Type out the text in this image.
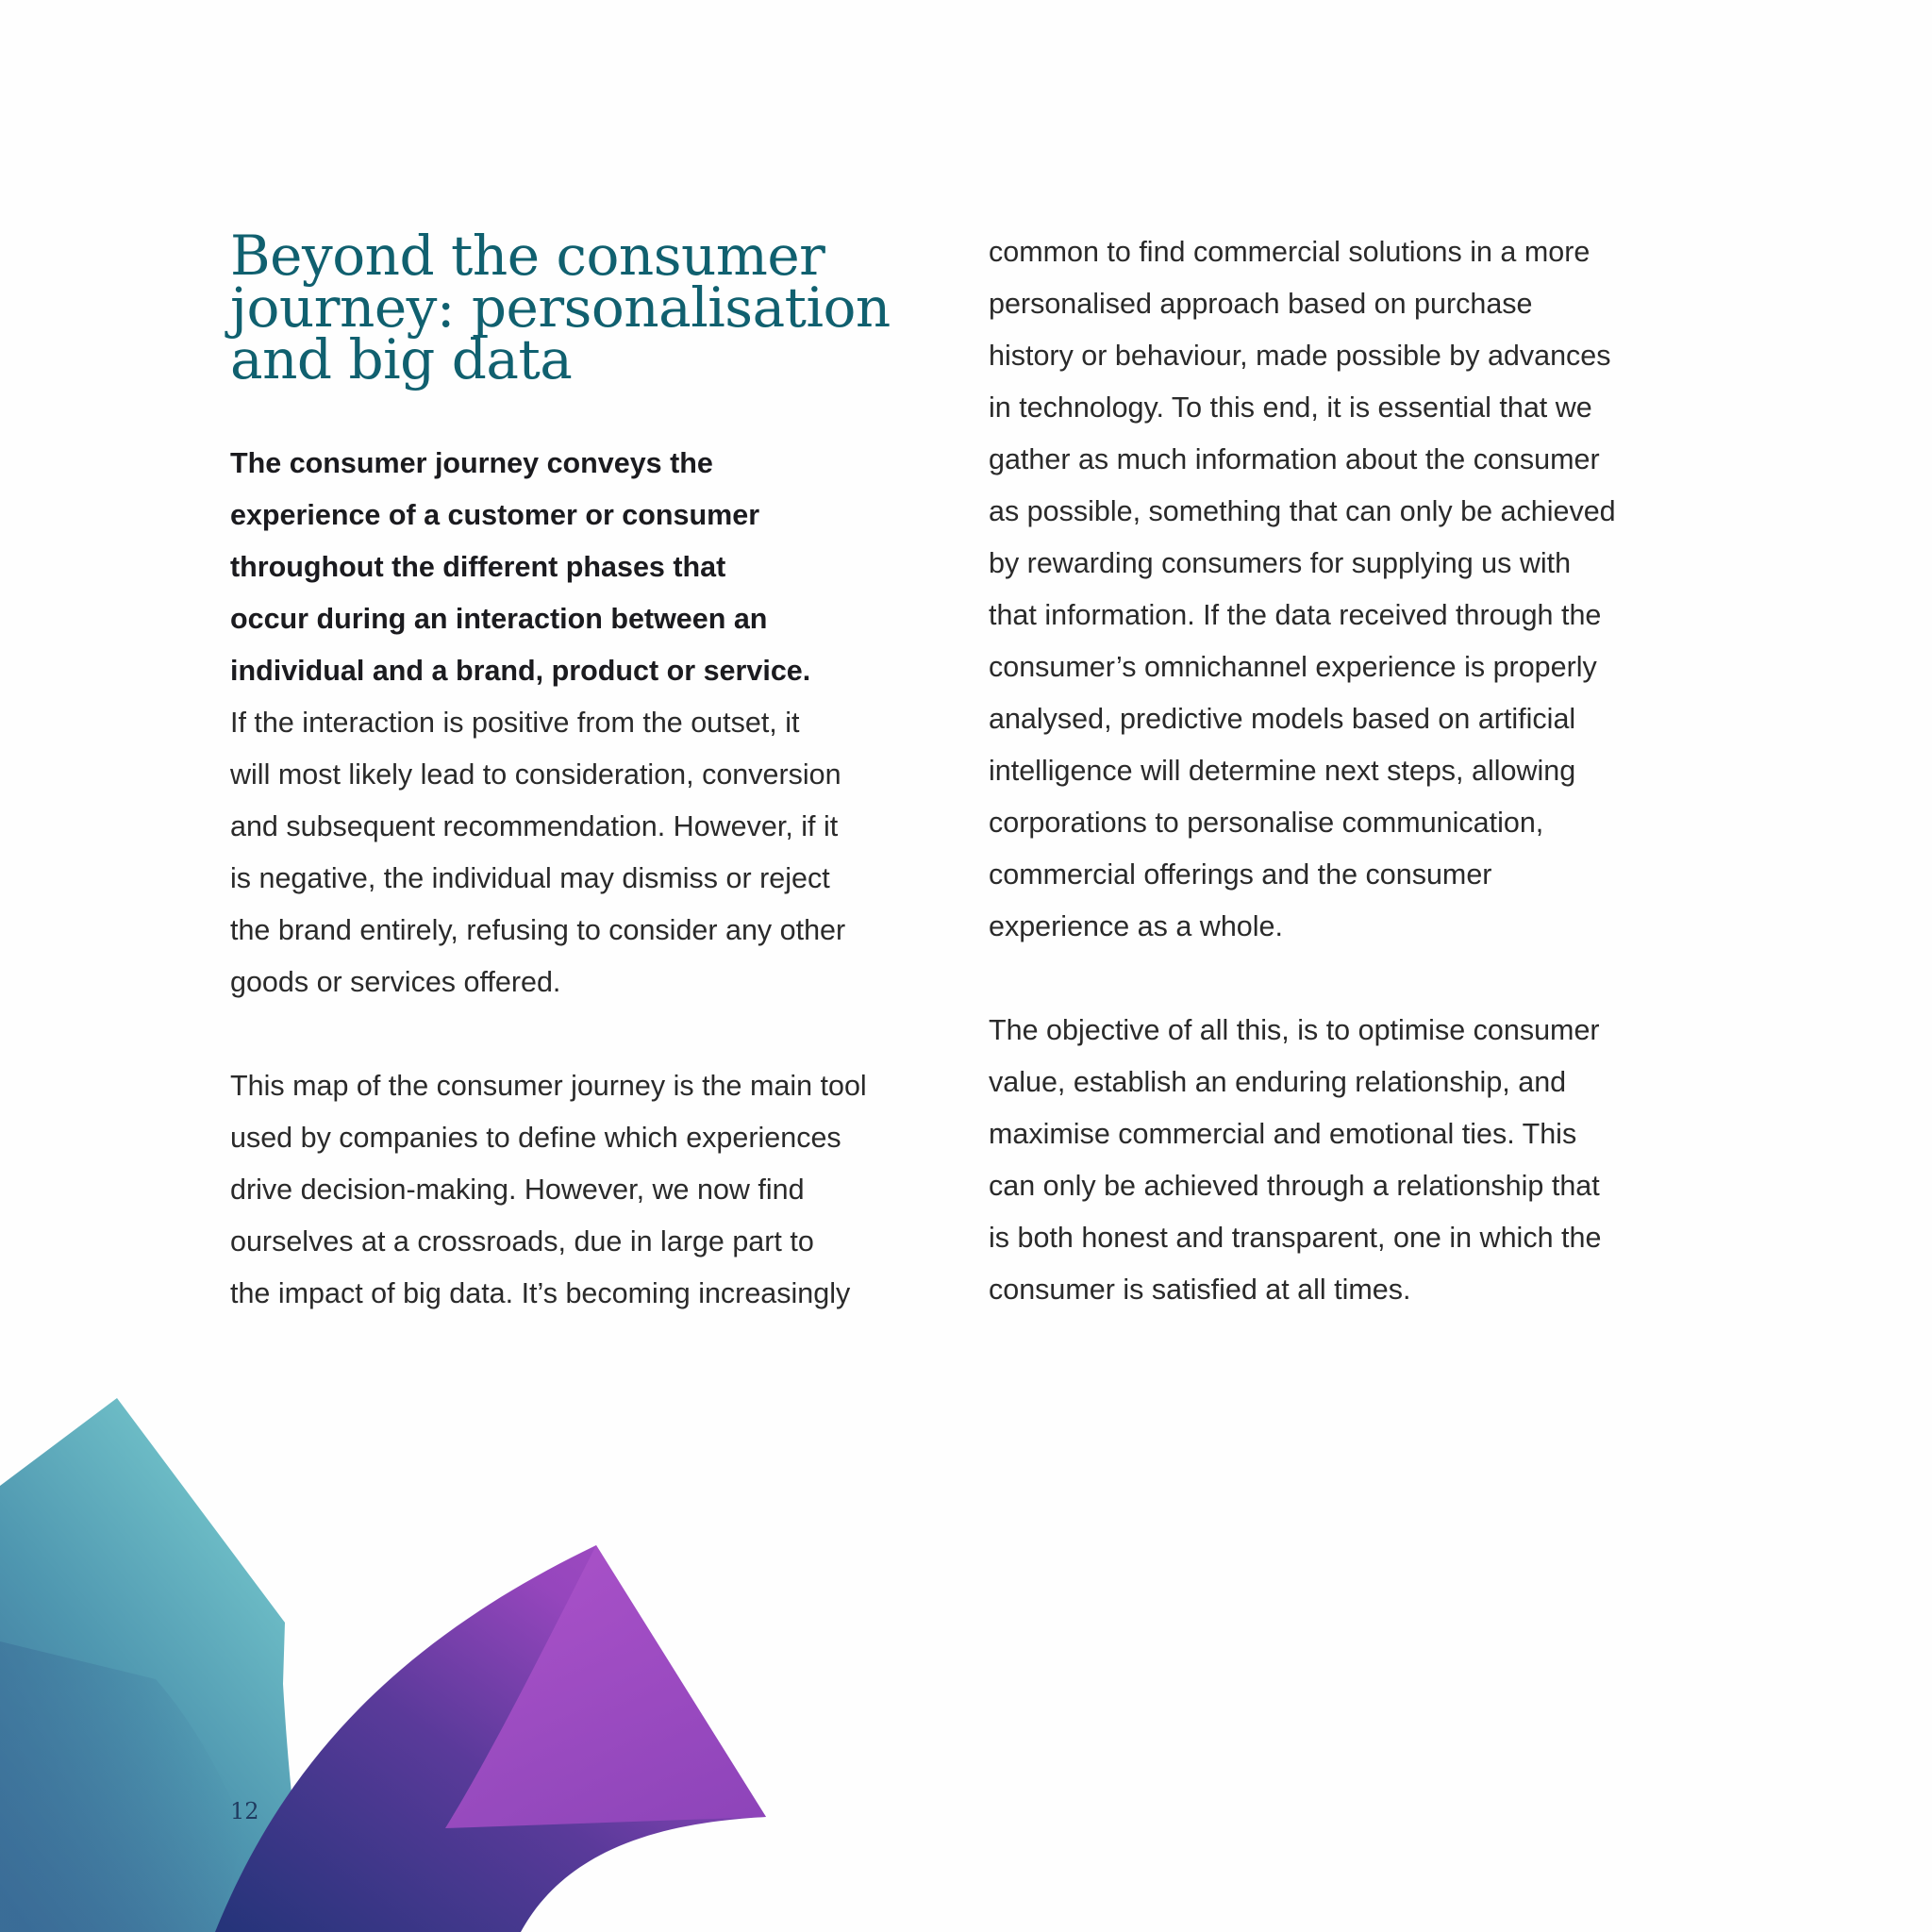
Beyond the consumer
journey: personalisation
and big data
The consumer journey conveys the
experience of a customer or consumer
throughout the different phases that
occur during an interaction between an
individual and a brand, product or service.
If the interaction is positive from the outset, it
will most likely lead to consideration, conversion
and subsequent recommendation. However, if it
is negative, the individual may dismiss or reject
the brand entirely, refusing to consider any other
goods or services offered.
This map of the consumer journey is the main tool
used by companies to define which experiences
drive decision-making. However, we now find
ourselves at a crossroads, due in large part to
the impact of big data. It’s becoming increasingly
common to find commercial solutions in a more
personalised approach based on purchase
history or behaviour, made possible by advances
in technology. To this end, it is essential that we
gather as much information about the consumer
as possible, something that can only be achieved
by rewarding consumers for supplying us with
that information. If the data received through the
consumer’s omnichannel experience is properly
analysed, predictive models based on artificial
intelligence will determine next steps, allowing
corporations to personalise communication,
commercial offerings and the consumer
experience as a whole.
The objective of all this, is to optimise consumer
value, establish an enduring relationship, and
maximise commercial and emotional ties. This
can only be achieved through a relationship that
is both honest and transparent, one in which the
consumer is satisfied at all times.
12
